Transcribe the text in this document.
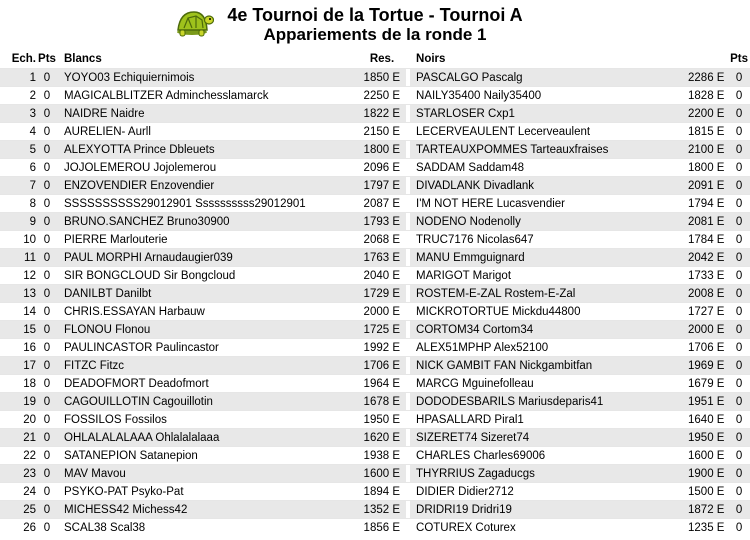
4e Tournoi de la Tortue - Tournoi A
Appariements de la ronde 1
Ech.	Pts	Blancs	Res.		Noirs		Pts
1	0	YOYO03 Echiquiernimois	1850 E		PASCALGO Pascalg	2286 E	0
2	0	MAGICALBLITZER Adminchesslamarck	2250 E		NAILY35400 Naily35400	1828 E	0
3	0	NAIDRE Naidre	1822 E		STARLOSER Cxp1	2200 E	0
4	0	AURELIEN- Aurll	2150 E		LECERVEAULENT Lecerveaulent	1815 E	0
5	0	ALEXYOTTA Prince Dbleuets	1800 E		TARTEAUXPOMMES Tarteauxfraises	2100 E	0
6	0	JOJOLEMEROU Jojolemerou	2096 E		SADDAM Saddam48	1800 E	0
7	0	ENZOVENDIER Enzovendier	1797 E		DIVADLANK Divadlank	2091 E	0
8	0	SSSSSSSSSS29012901 Ssssssssss29012901	2087 E		I'M NOT HERE Lucasvendier	1794 E	0
9	0	BRUNO.SANCHEZ Bruno30900	1793 E		NODENO Nodenolly	2081 E	0
10	0	PIERRE Marlouterie	2068 E		TRUC7176 Nicolas647	1784 E	0
11	0	PAUL MORPHI Arnaudaugier039	1763 E		MANU Emmguignard	2042 E	0
12	0	SIR BONGCLOUD Sir Bongcloud	2040 E		MARIGOT Marigot	1733 E	0
13	0	DANILBT Danilbt	1729 E		ROSTEM-E-ZAL Rostem-E-Zal	2008 E	0
14	0	CHRIS.ESSAYAN Harbauw	2000 E		MICKROTORTUE Mickdu44800	1727 E	0
15	0	FLONOU Flonou	1725 E		CORTOM34 Cortom34	2000 E	0
16	0	PAULINCASTOR Paulincastor	1992 E		ALEX51MPHP Alex52100	1706 E	0
17	0	FITZC Fitzc	1706 E		NICK GAMBIT FAN Nickgambitfan	1969 E	0
18	0	DEADOFMORT Deadofmort	1964 E		MARCG Mguinefolleau	1679 E	0
19	0	CAGOUILLOTIN Cagouillotin	1678 E		DODODESBARILS Mariusdeparis41	1951 E	0
20	0	FOSSILOS Fossilos	1950 E		HPASALLARD Piral1	1640 E	0
21	0	OHLALALALAAA Ohlalalalaaa	1620 E		SIZERET74 Sizeret74	1950 E	0
22	0	SATANEPION Satanepion	1938 E		CHARLES Charles69006	1600 E	0
23	0	MAV Mavou	1600 E		THYRRIUS Zagaducgs	1900 E	0
24	0	PSYKO-PAT Psyko-Pat	1894 E		DIDIER Didier2712	1500 E	0
25	0	MICHESS42 Michess42	1352 E		DRIDRI19 Dridri19	1872 E	0
26	0	SCAL38 Scal38	1856 E		COTUREX Coturex	1235 E	0
